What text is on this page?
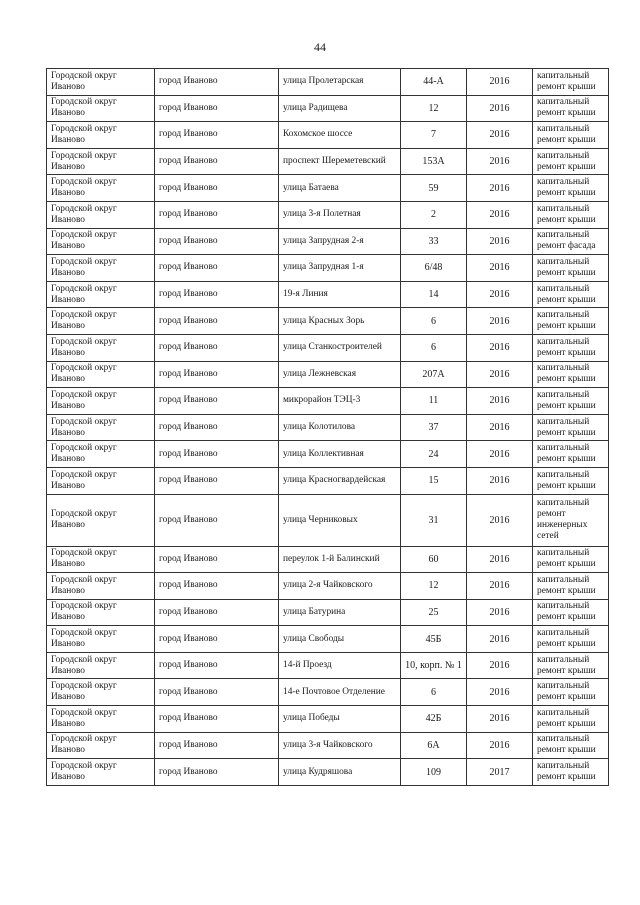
44
Городской округ Иваново	город Иваново	улица Пролетарская	44-А	2016	капитальный ремонт крыши
Городской округ Иваново	город Иваново	улица Радищева	12	2016	капитальный ремонт крыши
Городской округ Иваново	город Иваново	Кохомское шоссе	7	2016	капитальный ремонт крыши
Городской округ Иваново	город Иваново	проспект Шереметевский	153А	2016	капитальный ремонт крыши
Городской округ Иваново	город Иваново	улица Батаева	59	2016	капитальный ремонт крыши
Городской округ Иваново	город Иваново	улица 3-я Полетная	2	2016	капитальный ремонт крыши
Городской округ Иваново	город Иваново	улица Запрудная 2-я	33	2016	капитальный ремонт фасада
Городской округ Иваново	город Иваново	улица Запрудная 1-я	6/48	2016	капитальный ремонт крыши
Городской округ Иваново	город Иваново	19-я Линия	14	2016	капитальный ремонт крыши
Городской округ Иваново	город Иваново	улица Красных Зорь	6	2016	капитальный ремонт крыши
Городской округ Иваново	город Иваново	улица Станкостроителей	6	2016	капитальный ремонт крыши
Городской округ Иваново	город Иваново	улица Лежневская	207А	2016	капитальный ремонт крыши
Городской округ Иваново	город Иваново	микрорайон ТЭЦ-3	11	2016	капитальный ремонт крыши
Городской округ Иваново	город Иваново	улица Колотилова	37	2016	капитальный ремонт крыши
Городской округ Иваново	город Иваново	улица Коллективная	24	2016	капитальный ремонт крыши
Городской округ Иваново	город Иваново	улица Красногвардейская	15	2016	капитальный ремонт крыши
Городской округ Иваново	город Иваново	улица Черниковых	31	2016	капитальный ремонт инженерных сетей
Городской округ Иваново	город Иваново	переулок 1-й Балинский	60	2016	капитальный ремонт крыши
Городской округ Иваново	город Иваново	улица 2-я Чайковского	12	2016	капитальный ремонт крыши
Городской округ Иваново	город Иваново	улица Батурина	25	2016	капитальный ремонт крыши
Городской округ Иваново	город Иваново	улица Свободы	45Б	2016	капитальный ремонт крыши
Городской округ Иваново	город Иваново	14-й Проезд	10, корп. № 1	2016	капитальный ремонт крыши
Городской округ Иваново	город Иваново	14-е Почтовое Отделение	6	2016	капитальный ремонт крыши
Городской округ Иваново	город Иваново	улица Победы	42Б	2016	капитальный ремонт крыши
Городской округ Иваново	город Иваново	улица 3-я Чайковского	6А	2016	капитальный ремонт крыши
Городской округ Иваново	город Иваново	улица Кудряшова	109	2017	капитальный ремонт крыши
